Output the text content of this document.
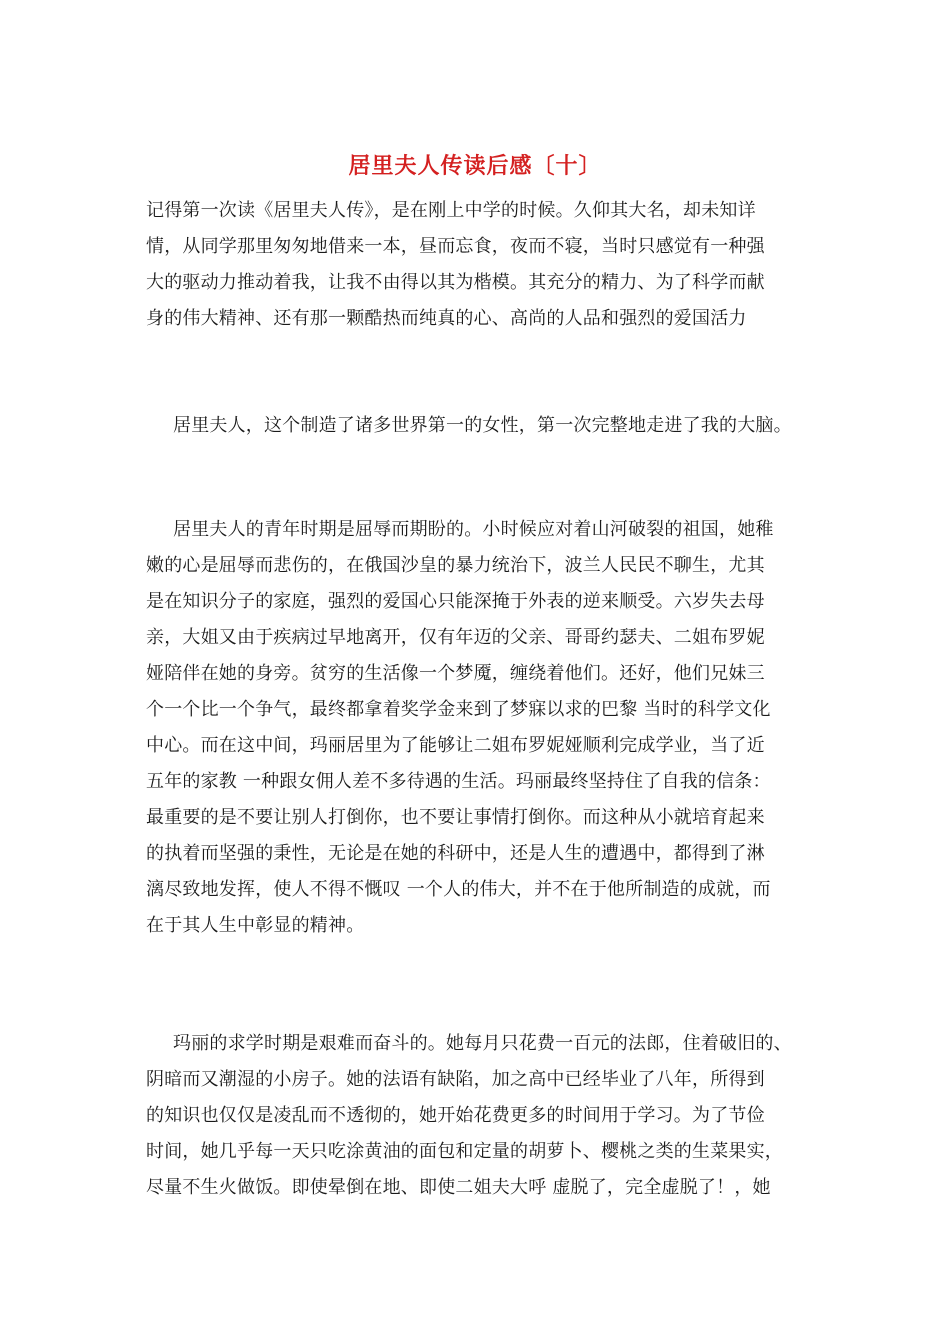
居里夫人传读后感〔十〕
记得第一次读《居里夫人传》，是在刚上中学的时候。久仰其大名，却未知详
情，从同学那里匆匆地借来一本，昼而忘食，夜而不寝，当时只感觉有一种强
大的驱动力推动着我，让我不由得以其为楷模。其充分的精力、为了科学而献
身的伟大精神、还有那一颗酷热而纯真的心、高尚的人品和强烈的爱国活力
居里夫人，这个制造了诸多世界第一的女性，第一次完整地走进了我的大脑。
居里夫人的青年时期是屈辱而期盼的。小时候应对着山河破裂的祖国，她稚
嫩的心是屈辱而悲伤的，在俄国沙皇的暴力统治下，波兰人民民不聊生，尤其
是在知识分子的家庭，强烈的爱国心只能深掩于外表的逆来顺受。六岁失去母
亲，大姐又由于疾病过早地离开，仅有年迈的父亲、哥哥约瑟夫、二姐布罗妮
娅陪伴在她的身旁。贫穷的生活像一个梦魇，缠绕着他们。还好，他们兄妹三
个一个比一个争气，最终都拿着奖学金来到了梦寐以求的巴黎 当时的科学文化
中心。而在这中间，玛丽居里为了能够让二姐布罗妮娅顺利完成学业，当了近
五年的家教 一种跟女佣人差不多待遇的生活。玛丽最终坚持住了自我的信条：
最重要的是不要让别人打倒你，也不要让事情打倒你。而这种从小就培育起来
的执着而坚强的秉性，无论是在她的科研中，还是人生的遭遇中，都得到了淋
漓尽致地发挥，使人不得不慨叹 一个人的伟大，并不在于他所制造的成就，而
在于其人生中彰显的精神。
玛丽的求学时期是艰难而奋斗的。她每月只花费一百元的法郎，住着破旧的、
阴暗而又潮湿的小房子。她的法语有缺陷，加之高中已经毕业了八年，所得到
的知识也仅仅是凌乱而不透彻的，她开始花费更多的时间用于学习。为了节俭
时间，她几乎每一天只吃涂黄油的面包和定量的胡萝卜、樱桃之类的生菜果实，
尽量不生火做饭。即使晕倒在地、即使二姐夫大呼 虚脱了，完全虚脱了！，她
